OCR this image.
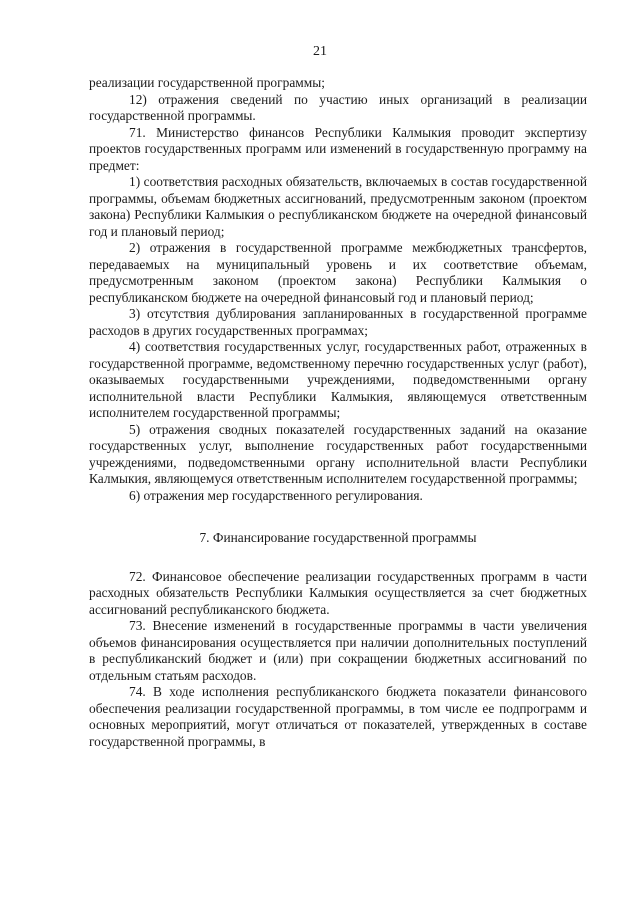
21

реализации государственной программы;

12) отражения сведений по участию иных организаций в реализации государственной программы.

71. Министерство финансов Республики Калмыкия проводит экспертизу проектов государственных программ или изменений в государственную программу на предмет:

1) соответствия расходных обязательств, включаемых в состав государственной программы, объемам бюджетных ассигнований, предусмотренным законом (проектом закона) Республики Калмыкия о республиканском бюджете на очередной финансовый год и плановый период;

2) отражения в государственной программе межбюджетных трансфертов, передаваемых на муниципальный уровень и их соответствие объемам, предусмотренным законом (проектом закона) Республики Калмыкия о республиканском бюджете на очередной финансовый год и плановый период;

3) отсутствия дублирования запланированных в государственной программе расходов в других государственных программах;

4) соответствия государственных услуг, государственных работ, отраженных в государственной программе, ведомственному перечню государственных услуг (работ), оказываемых государственными учреждениями, подведомственными органу исполнительной власти Республики Калмыкия, являющемуся ответственным исполнителем государственной программы;

5) отражения сводных показателей государственных заданий на оказание государственных услуг, выполнение государственных работ государственными учреждениями, подведомственными органу исполнительной власти Республики Калмыкия, являющемуся ответственным исполнителем государственной программы;

6) отражения мер государственного регулирования.

7. Финансирование государственной программы

72. Финансовое обеспечение реализации государственных программ в части расходных обязательств Республики Калмыкия осуществляется за счет бюджетных ассигнований республиканского бюджета.

73. Внесение изменений в государственные программы в части увеличения объемов финансирования осуществляется при наличии дополнительных поступлений в республиканский бюджет и (или) при сокращении бюджетных ассигнований по отдельным статьям расходов.

74. В ходе исполнения республиканского бюджета показатели финансового обеспечения реализации государственной программы, в том числе ее подпрограмм и основных мероприятий, могут отличаться от показателей, утвержденных в составе государственной программы, в
